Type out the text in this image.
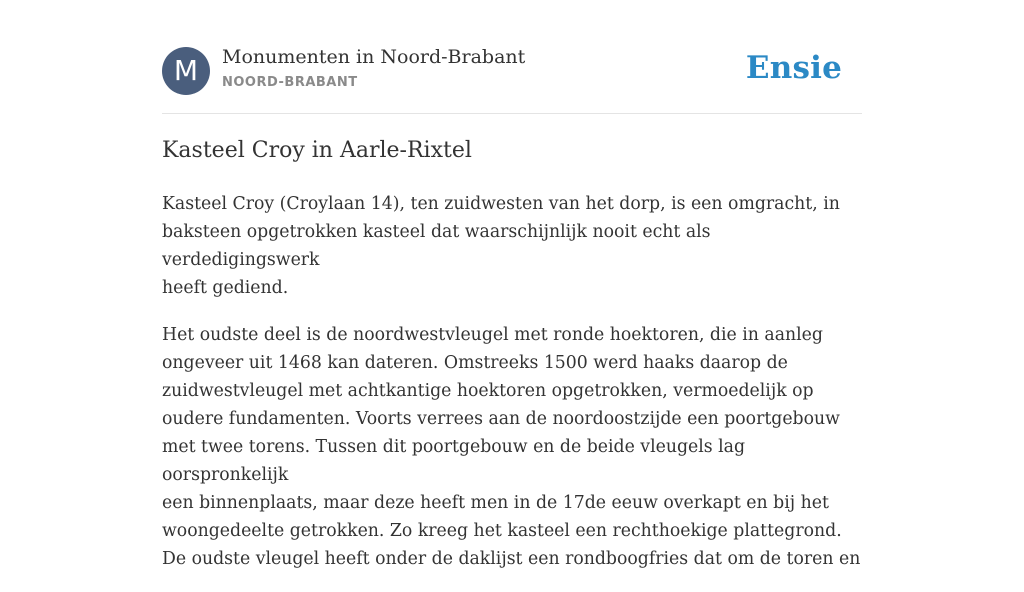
M	Monumenten in Noord-Brabant
NOORD-BRABANT	Ensie
Kasteel Croy in Aarle-Rixtel

Kasteel Croy (Croylaan 14), ten zuidwesten van het dorp, is een omgracht, in
baksteen opgetrokken kasteel dat waarschijnlijk nooit echt als verdedigingswerk
heeft gediend.

Het oudste deel is de noordwestvleugel met ronde hoektoren, die in aanleg
ongeveer uit 1468 kan dateren. Omstreeks 1500 werd haaks daarop de
zuidwestvleugel met achtkantige hoektoren opgetrokken, vermoedelijk op
oudere fundamenten. Voorts verrees aan de noordoostzijde een poortgebouw
met twee torens. Tussen dit poortgebouw en de beide vleugels lag oorspronkelijk
een binnenplaats, maar deze heeft men in de 17de eeuw overkapt en bij het
woongedeelte getrokken. Zo kreeg het kasteel een rechthoekige plattegrond.
De oudste vleugel heeft onder de daklijst een rondboogfries dat om de toren en
